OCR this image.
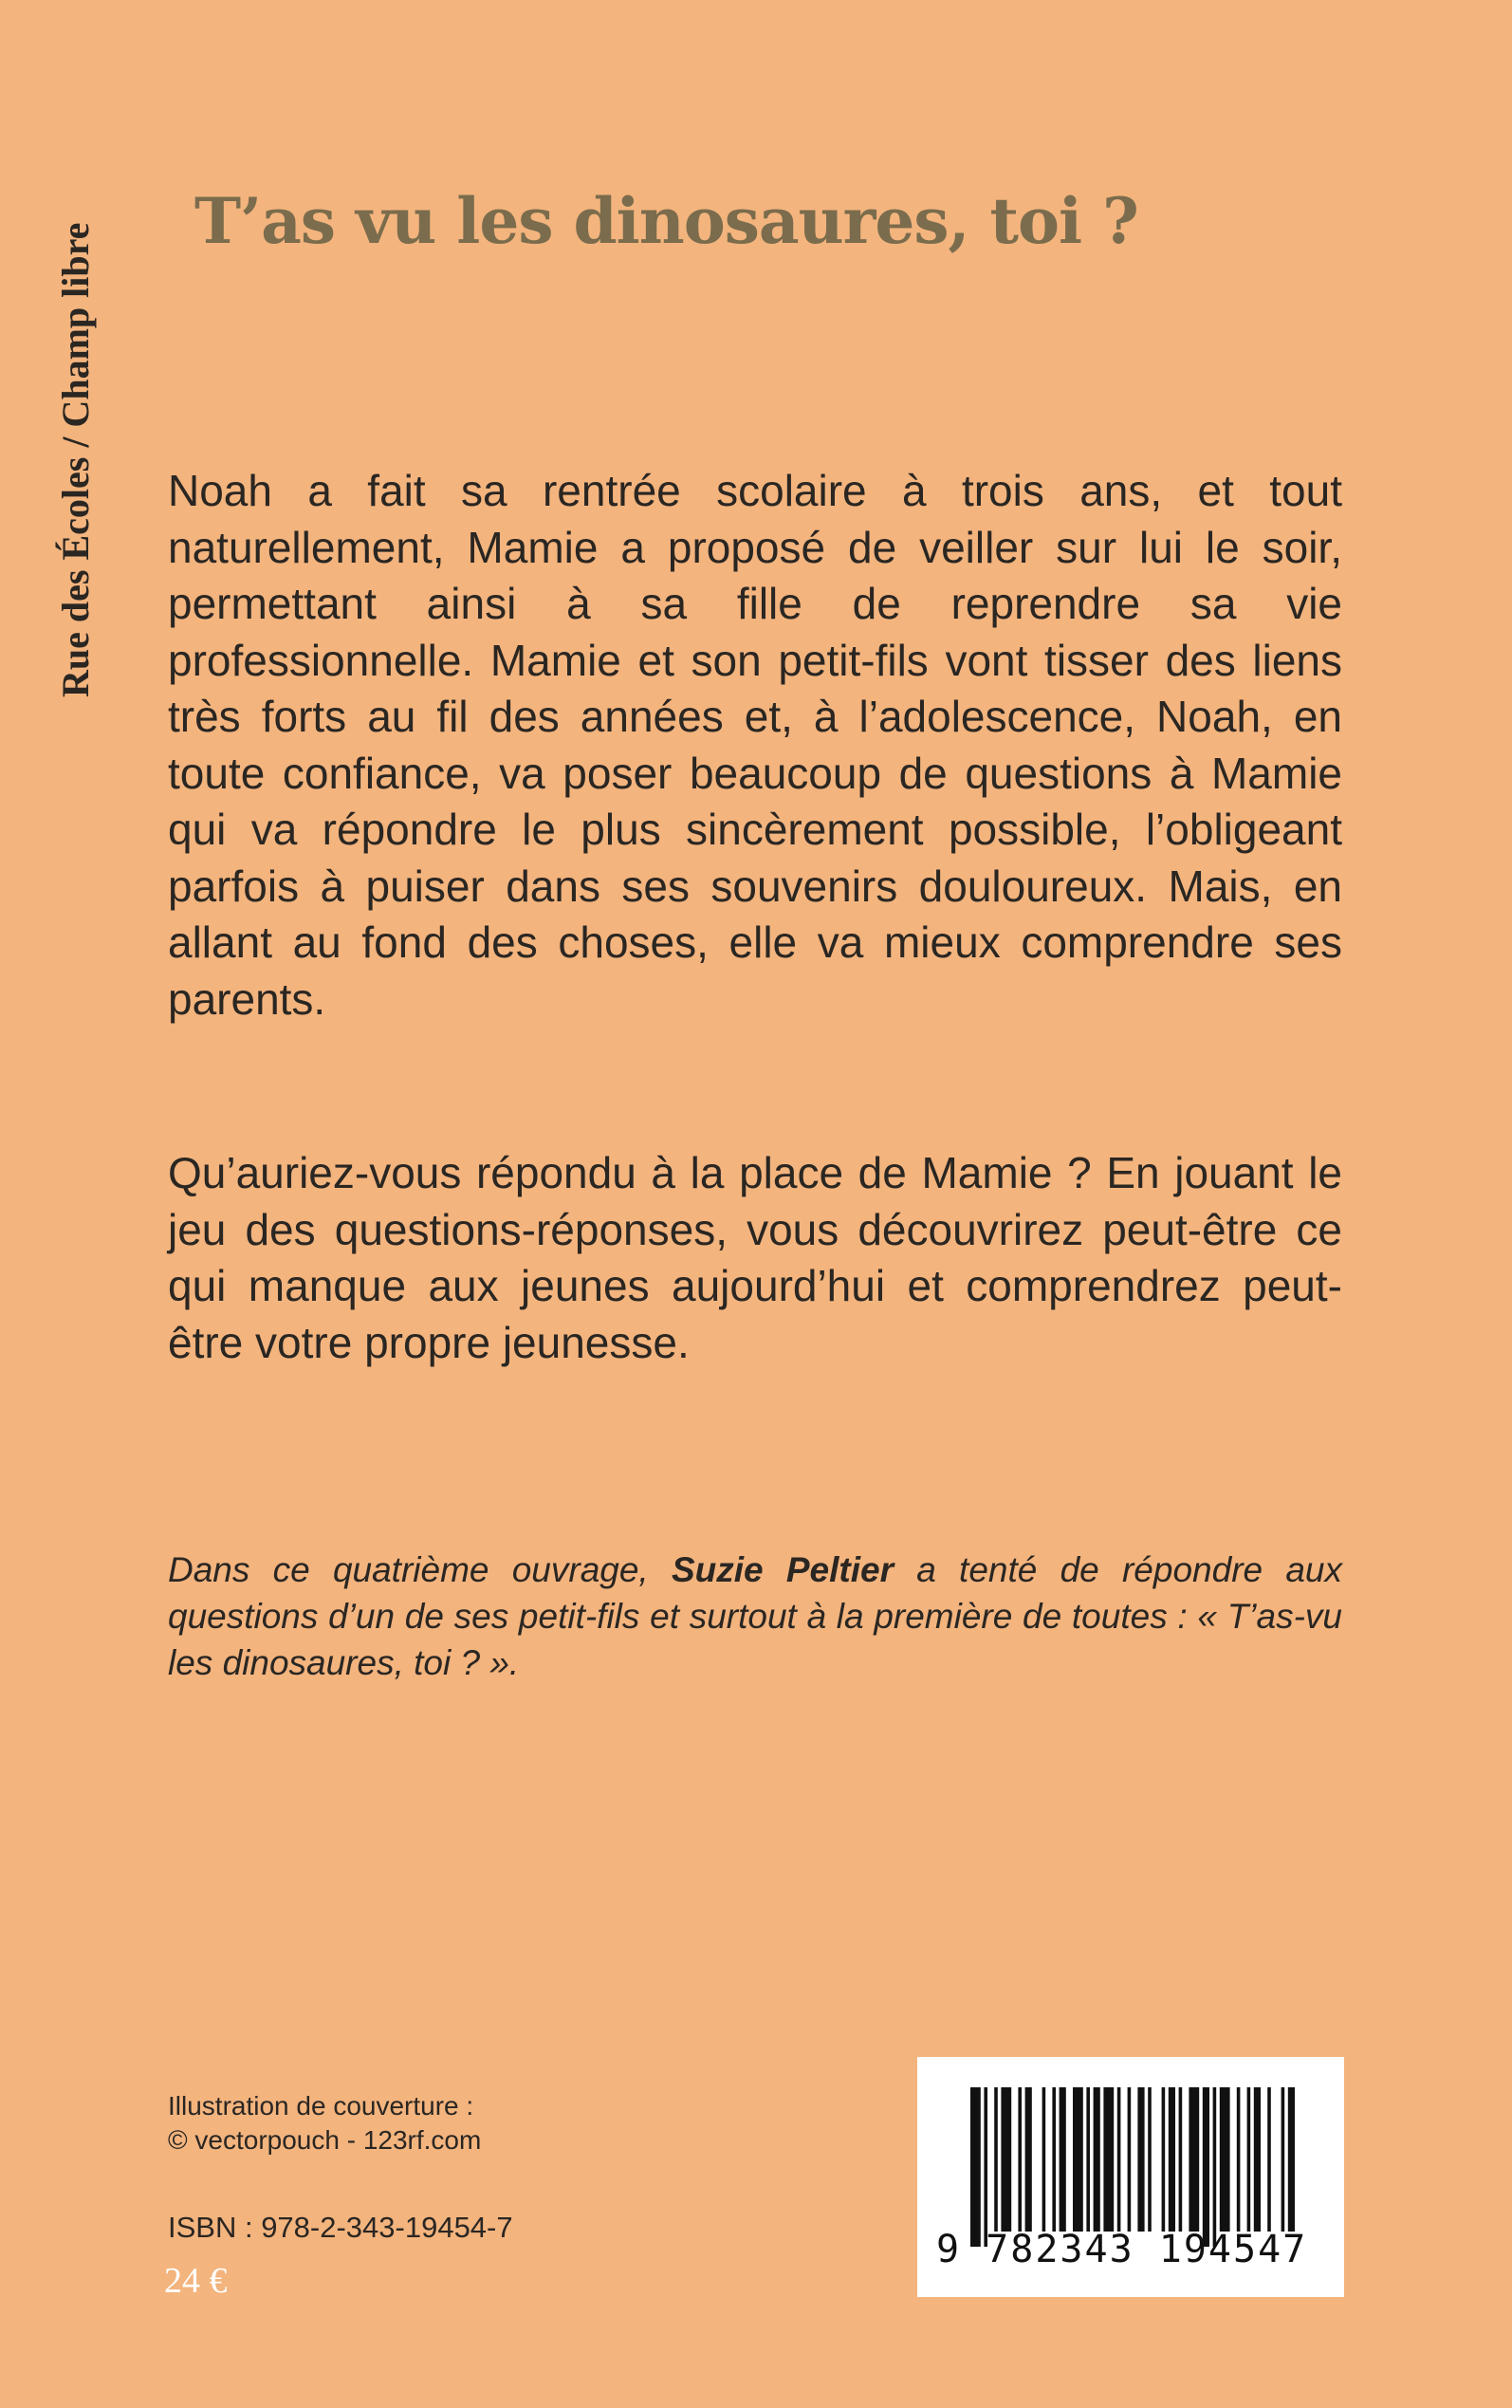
Rue des Écoles / Champ libre
T’as vu les dinosaures, toi ?

Noah a fait sa rentrée scolaire à trois ans, et tout naturellement, Mamie a proposé de veiller sur lui le soir, permettant ainsi à sa fille de reprendre sa vie professionnelle. Mamie et son petit-fils vont tisser des liens très forts au fil des années et, à l’adolescence, Noah, en toute confiance, va poser beaucoup de questions à Mamie qui va répondre le plus sincèrement possible, l’obligeant parfois à puiser dans ses souvenirs douloureux. Mais, en allant au fond des choses, elle va mieux comprendre ses parents.

Qu’auriez-vous répondu à la place de Mamie ? En jouant le jeu des questions-réponses, vous découvrirez peut-être ce qui manque aux jeunes aujourd’hui et comprendrez peut-être votre propre jeunesse.

Dans ce quatrième ouvrage, Suzie Peltier a tenté de répondre aux questions d’un de ses petit-fils et surtout à la première de toutes : « T’as-vu les dinosaures, toi ? ».

Illustration de couverture :
© vectorpouch - 123rf.com
ISBN : 978-2-343-19454-7
24 €
9 782343 194547
